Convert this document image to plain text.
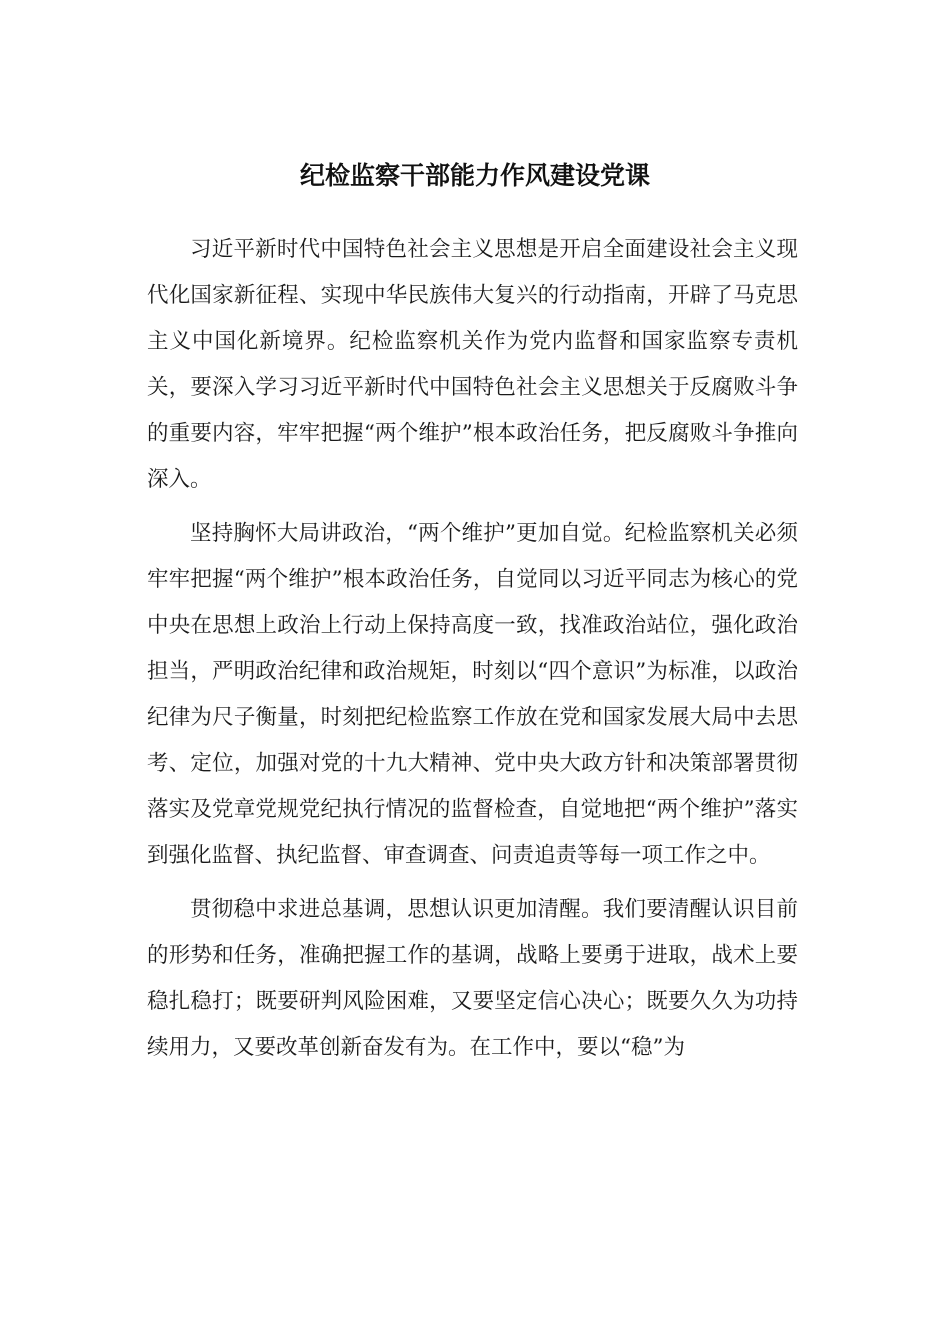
纪检监察干部能力作风建设党课

习近平新时代中国特色社会主义思想是开启全面建设社会主义现代化国家新征程、实现中华民族伟大复兴的行动指南，开辟了马克思主义中国化新境界。纪检监察机关作为党内监督和国家监察专责机关，要深入学习习近平新时代中国特色社会主义思想关于反腐败斗争的重要内容，牢牢把握“两个维护”根本政治任务，把反腐败斗争推向深入。

坚持胸怀大局讲政治，“两个维护”更加自觉。纪检监察机关必须牢牢把握“两个维护”根本政治任务，自觉同以习近平同志为核心的党中央在思想上政治上行动上保持高度一致，找准政治站位，强化政治担当，严明政治纪律和政治规矩，时刻以“四个意识”为标准，以政治纪律为尺子衡量，时刻把纪检监察工作放在党和国家发展大局中去思考、定位，加强对党的十九大精神、党中央大政方针和决策部署贯彻落实及党章党规党纪执行情况的监督检查，自觉地把“两个维护”落实到强化监督、执纪监督、审查调查、问责追责等每一项工作之中。

贯彻稳中求进总基调，思想认识更加清醒。我们要清醒认识目前的形势和任务，准确把握工作的基调，战略上要勇于进取，战术上要稳扎稳打；既要研判风险困难，又要坚定信心决心；既要久久为功持续用力，又要改革创新奋发有为。在工作中，要以“稳”为
